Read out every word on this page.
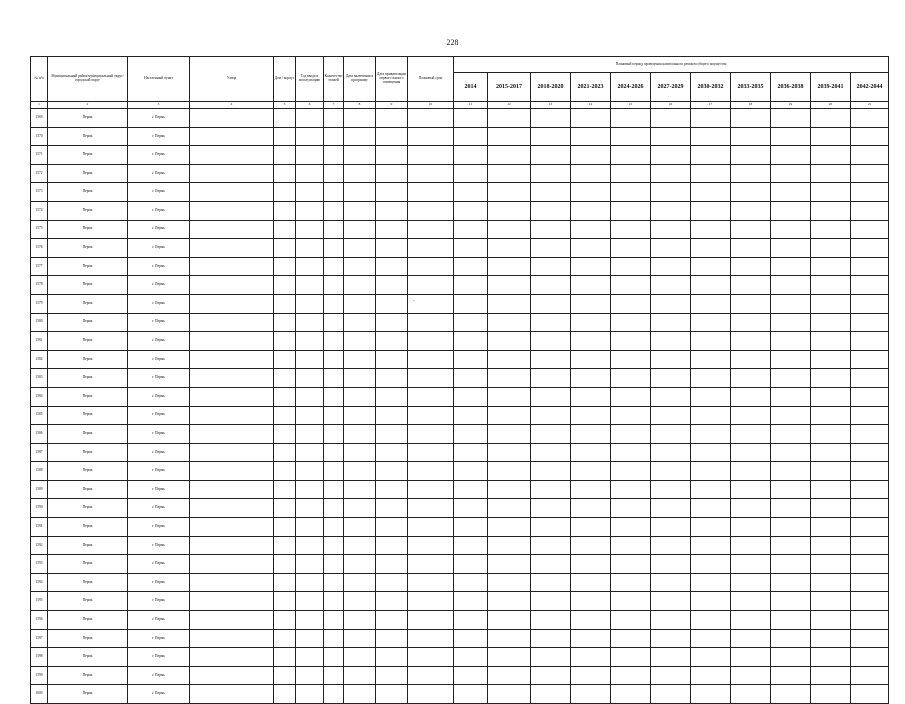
228
№ п/п	Муниципальный район/муниципальный округ/городской округ	Населенный пункт	Улица	Дом / корпус	Год ввода в эксплуатацию	Количество этажей	Дата включения в программу	Дата приватизации первого жилого помещения	Плановый срок	Плановый период проведения капитального ремонта общего имущества										
										2014	2015-2017	2018-2020	2021-2023	2024-2026	2027-2029	2030-2032	2033-2035	2036-2038	2039-2041	2042-2044
1	2	3	4	5	6	7	8	9	10	11	12	13	14	15	16	17	18	19	20	21
1569	Пермь	г. Пермь																		
1570	Пермь	г. Пермь																		
1571	Пермь	г. Пермь																		
1572	Пермь	г. Пермь																		
1573	Пермь	г. Пермь																		
1574	Пермь	г. Пермь																		
1575	Пермь	г. Пермь																		
1576	Пермь	г. Пермь																		
1577	Пермь	г. Пермь																		
1578	Пермь	г. Пермь																		
1579	Пермь	г. Пермь																		
1580	Пермь	г. Пермь																		
1581	Пермь	г. Пермь																		
1582	Пермь	г. Пермь																		
1583	Пермь	г. Пермь																		
1584	Пермь	г. Пермь																		
1585	Пермь	г. Пермь																		
1586	Пермь	г. Пермь																		
1587	Пермь	г. Пермь																		
1588	Пермь	г. Пермь																		
1589	Пермь	г. Пермь																		
1590	Пермь	г. Пермь																		
1591	Пермь	г. Пермь																		
1592	Пермь	г. Пермь																		
1593	Пермь	г. Пермь																		
1594	Пермь	г. Пермь																		
1595	Пермь	г. Пермь																		
1596	Пермь	г. Пермь																		
1597	Пермь	г. Пермь																		
1598	Пермь	г. Пермь																		
1599	Пермь	г. Пермь																		
1600	Пермь	г. Пермь																		
*
